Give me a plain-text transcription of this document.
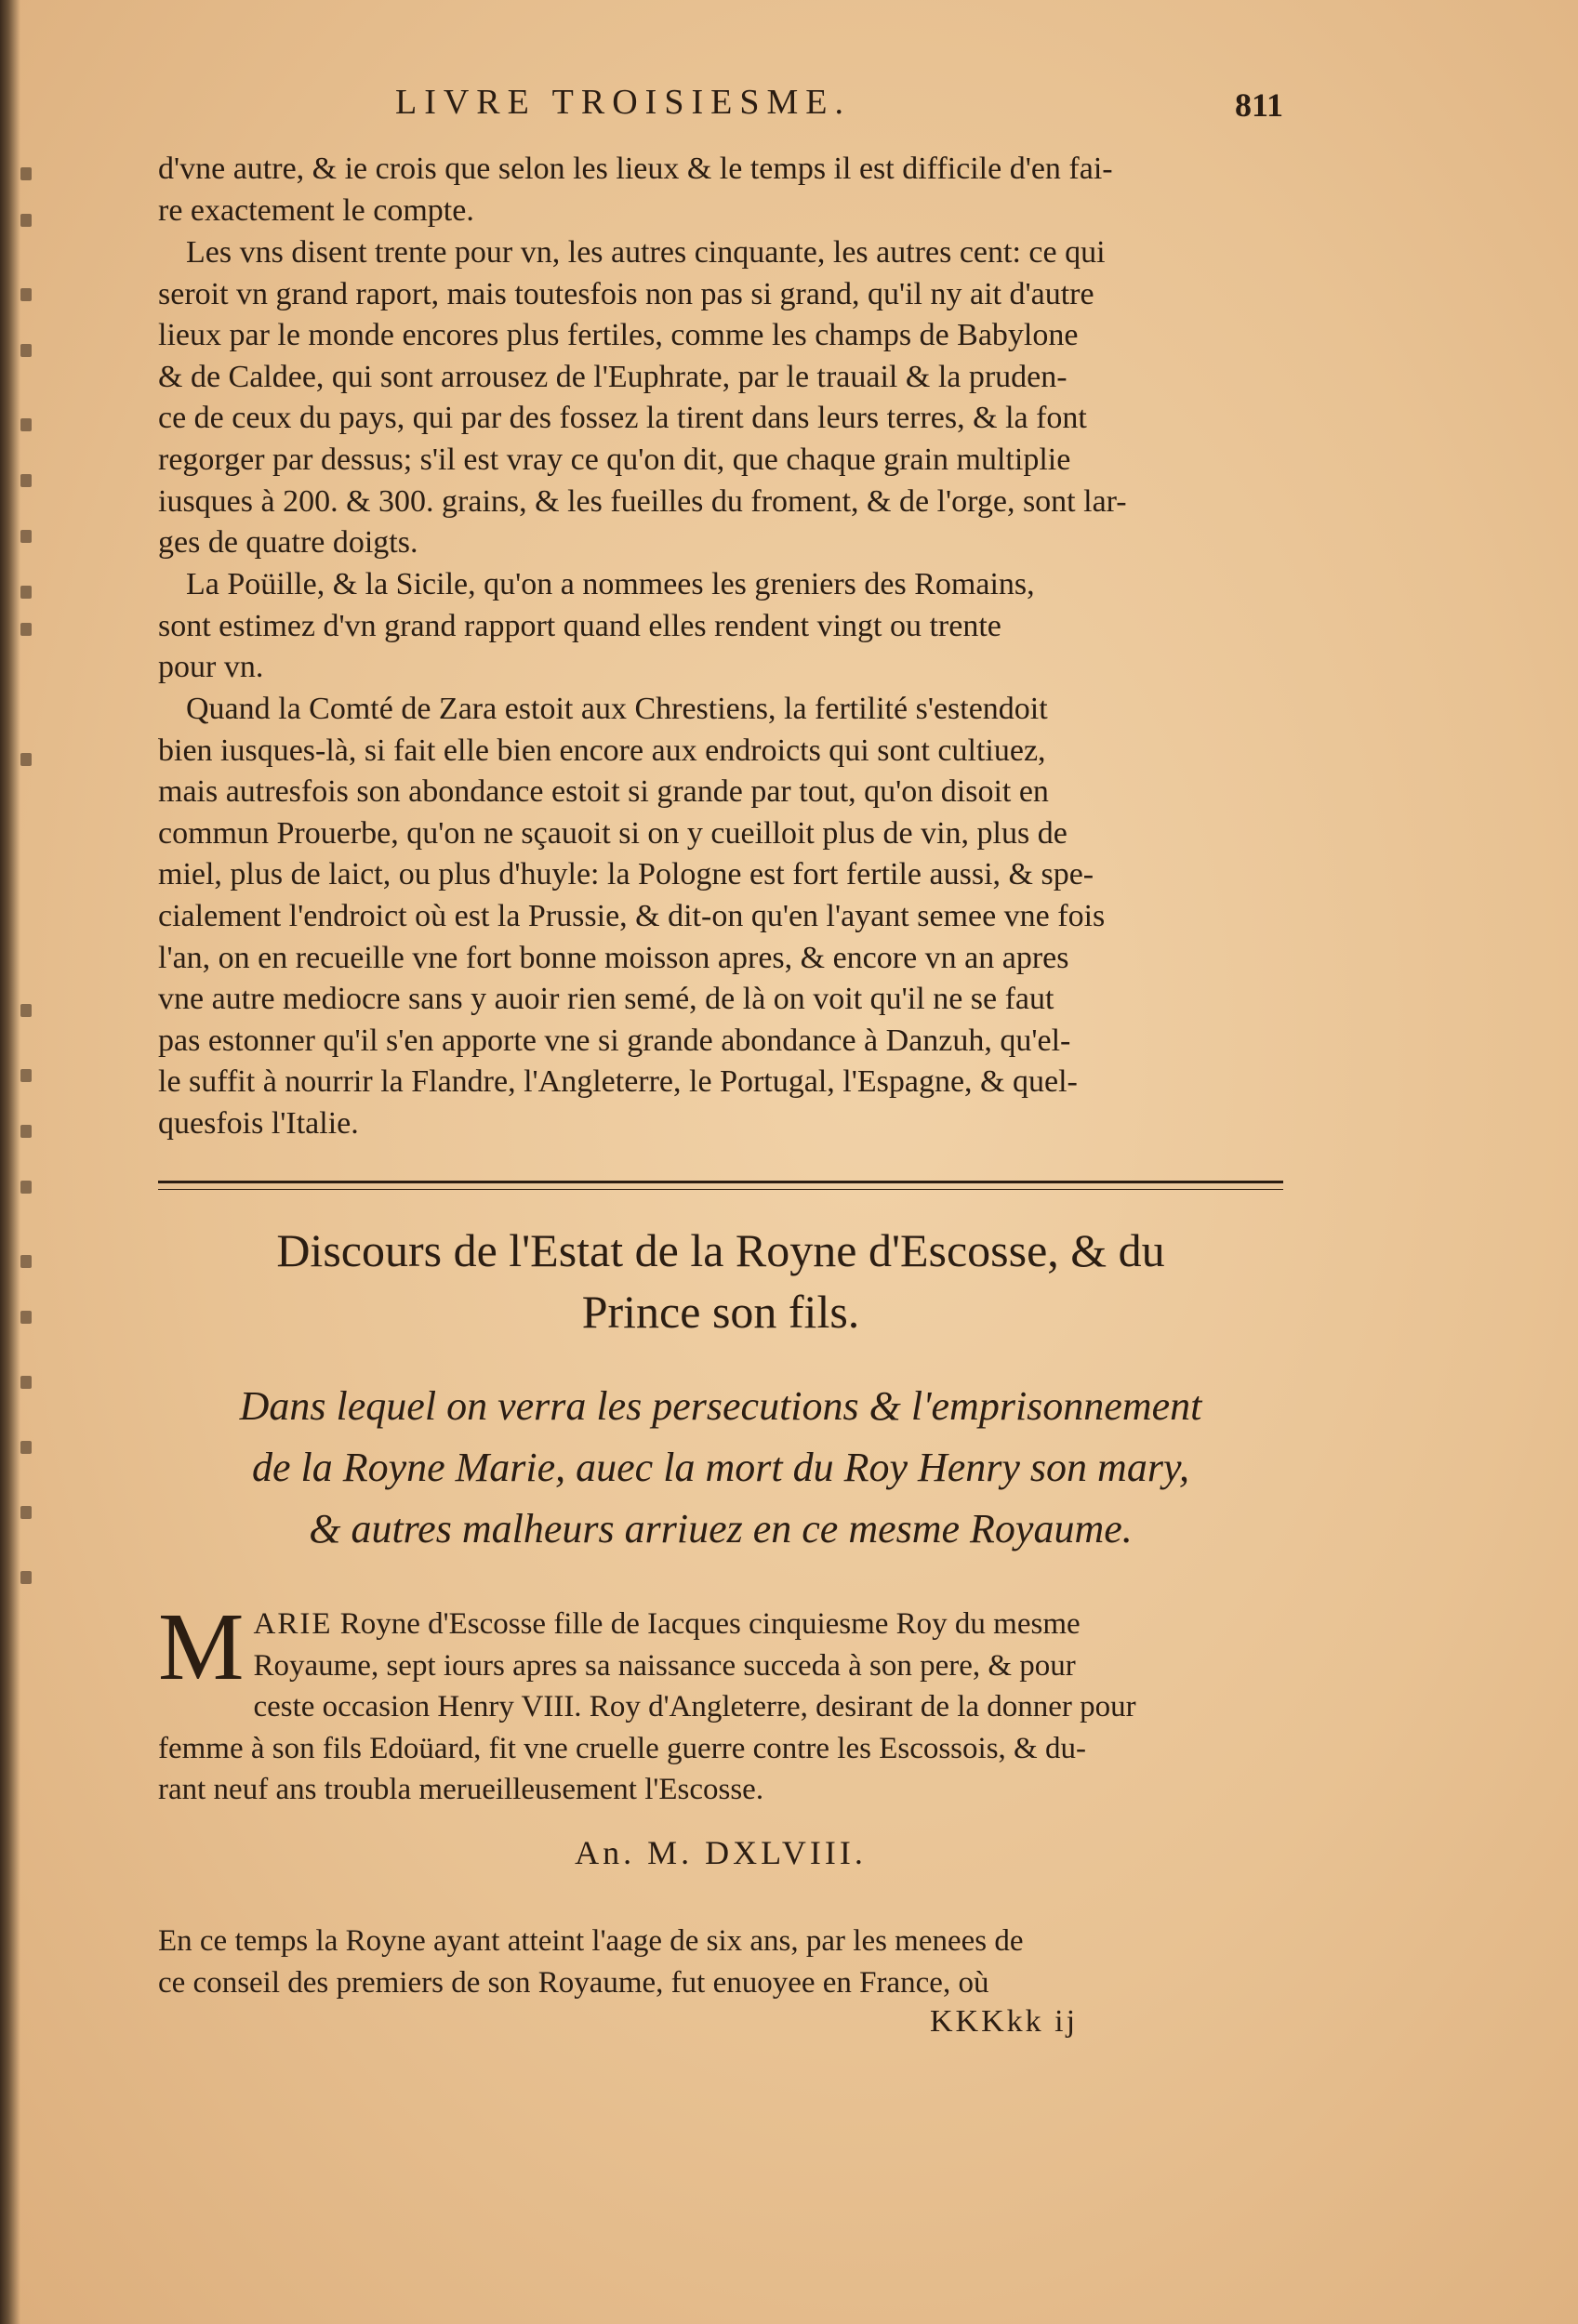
LIVRE TROISIESME.	811
d'vne autre, & ie crois que selon les lieux & le temps il est difficile d'en fai-
re exactement le compte.
Les vns disent trente pour vn, les autres cinquante, les autres cent: ce qui
seroit vn grand raport, mais toutesfois non pas si grand, qu'il ny ait d'autre
lieux par le monde encores plus fertiles, comme les champs de Babylone
& de Caldee, qui sont arrousez de l'Euphrate, par le trauail & la pruden-
ce de ceux du pays, qui par des fossez la tirent dans leurs terres, & la font
regorger par dessus; s'il est vray ce qu'on dit, que chaque grain multiplie
iusques à 200. & 300. grains, & les fueilles du froment, & de l'orge, sont lar-
ges de quatre doigts.
La Poüille, & la Sicile, qu'on a nommees les greniers des Romains,
sont estimez d'vn grand rapport quand elles rendent vingt ou trente
pour vn.
Quand la Comté de Zara estoit aux Chrestiens, la fertilité s'estendoit
bien iusques-là, si fait elle bien encore aux endroicts qui sont cultiuez,
mais autresfois son abondance estoit si grande par tout, qu'on disoit en
commun Prouerbe, qu'on ne sçauoit si on y cueilloit plus de vin, plus de
miel, plus de laict, ou plus d'huyle: la Pologne est fort fertile aussi, & spe-
cialement l'endroict où est la Prussie, & dit-on qu'en l'ayant semee vne fois
l'an, on en recueille vne fort bonne moisson apres, & encore vn an apres
vne autre mediocre sans y auoir rien semé, de là on voit qu'il ne se faut
pas estonner qu'il s'en apporte vne si grande abondance à Danzuh, qu'el-
le suffit à nourrir la Flandre, l'Angleterre, le Portugal, l'Espagne, & quel-
quesfois l'Italie.
Discours de l'Estat de la Royne d'Escosse, & du
Prince son fils.
Dans lequel on verra les persecutions & l'emprisonnement
de la Royne Marie, auec la mort du Roy Henry son mary,
& autres malheurs arriuez en ce mesme Royaume.
M ARIE Royne d'Escosse fille de Iacques cinquiesme Roy du mesme
Royaume, sept iours apres sa naissance succeda à son pere, & pour
ceste occasion Henry VIII. Roy d'Angleterre, desirant de la donner pour
femme à son fils Edoüard, fit vne cruelle guerre contre les Escossois, & du-
rant neuf ans troubla merueilleusement l'Escosse.
An. M. DXLVIII.
En ce temps la Royne ayant atteint l'aage de six ans, par les menees de
ce conseil des premiers de son Royaume, fut enuoyee en France, où
KKKkk ij
